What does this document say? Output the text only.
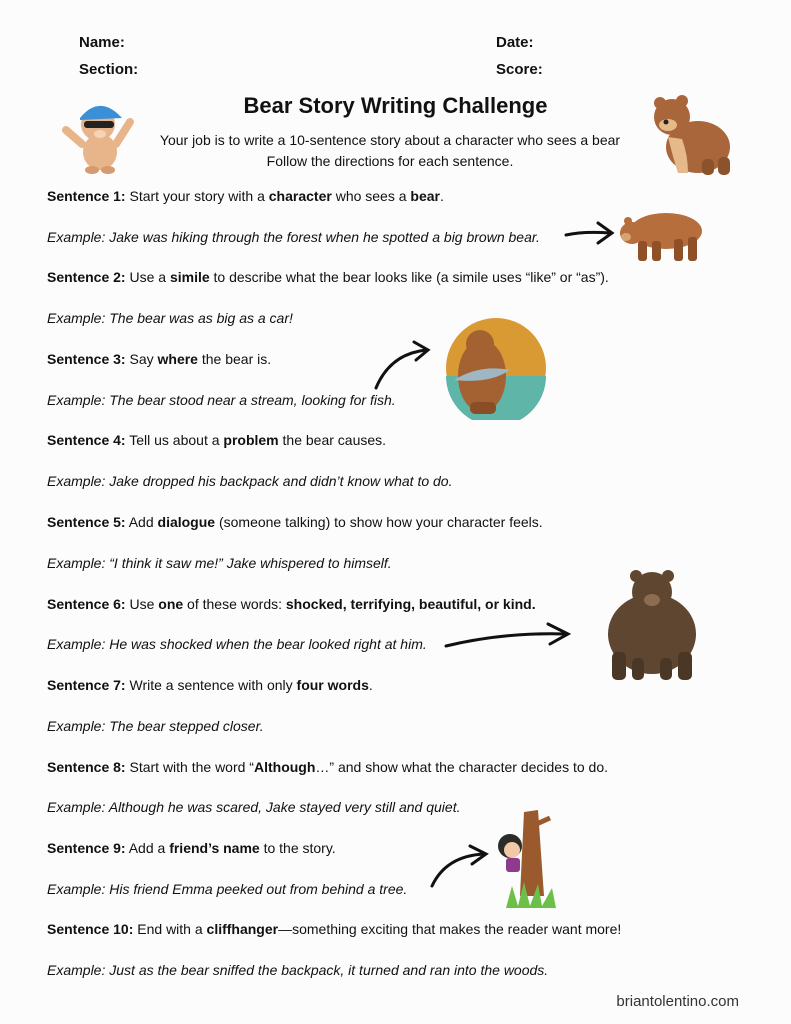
Name:
Section:
Date:
Score:
Bear Story Writing Challenge
Your job is to write a 10-sentence story about a character who sees a bear
Follow the directions for each sentence.
Sentence 1: Start your story with a character who sees a bear.
Example: Jake was hiking through the forest when he spotted a big brown bear.
Sentence 2: Use a simile to describe what the bear looks like (a simile uses “like” or “as”).
Example: The bear was as big as a car!
Sentence 3: Say where the bear is.
Example: The bear stood near a stream, looking for fish.
Sentence 4: Tell us about a problem the bear causes.
Example: Jake dropped his backpack and didn’t know what to do.
Sentence 5: Add dialogue (someone talking) to show how your character feels.
Example: “I think it saw me!” Jake whispered to himself.
Sentence 6: Use one of these words: shocked, terrifying, beautiful, or kind.
Example: He was shocked when the bear looked right at him.
Sentence 7: Write a sentence with only four words.
Example: The bear stepped closer.
Sentence 8: Start with the word “Although…” and show what the character decides to do.
Example: Although he was scared, Jake stayed very still and quiet.
Sentence 9: Add a friend’s name to the story.
Example: His friend Emma peeked out from behind a tree.
Sentence 10: End with a cliffhanger—something exciting that makes the reader want more!
Example: Just as the bear sniffed the backpack, it turned and ran into the woods.
briantolentino.com
